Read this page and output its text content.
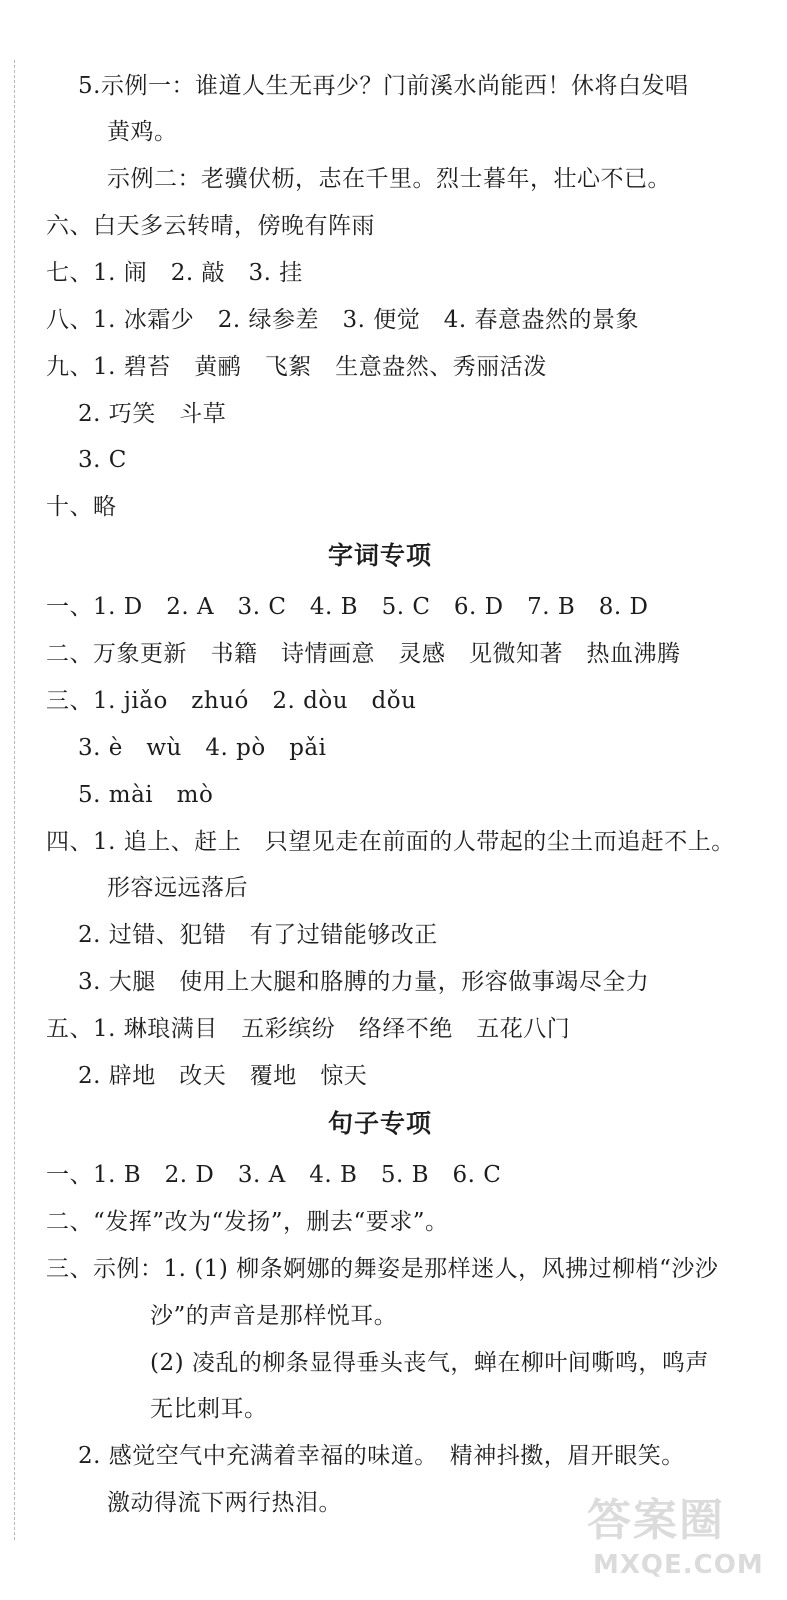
5.示例一：谁道人生无再少？门前溪水尚能西！休将白发唱
黄鸡。
示例二：老骥伏枥，志在千里。烈士暮年，壮心不已。
六、白天多云转晴，傍晚有阵雨
七、1. 闹　2. 敲　3. 挂
八、1. 冰霜少　2. 绿参差　3. 便觉　4. 春意盎然的景象
九、1. 碧苔　黄鹂　飞絮　生意盎然、秀丽活泼
2. 巧笑　斗草
3. C
十、略
字词专项
一、1. D　2. A　3. C　4. B　5. C　6. D　7. B　8. D
二、万象更新　书籍　诗情画意　灵感　见微知著　热血沸腾
三、1. jiǎo　zhuó　2. dòu　dǒu
3. è　wù　4. pò　pǎi
5. mài　mò
四、1. 追上、赶上　只望见走在前面的人带起的尘土而追赶不上。
形容远远落后
2. 过错、犯错　有了过错能够改正
3. 大腿　使用上大腿和胳膊的力量，形容做事竭尽全力
五、1. 琳琅满目　五彩缤纷　络绎不绝　五花八门
2. 辟地　改天　覆地　惊天
句子专项
一、1. B　2. D　3. A　4. B　5. B　6. C
二、“发挥”改为“发扬”，删去“要求”。
三、示例：1. (1) 柳条婀娜的舞姿是那样迷人，风拂过柳梢“沙沙
沙”的声音是那样悦耳。
(2) 凌乱的柳条显得垂头丧气，蝉在柳叶间嘶鸣，鸣声
无比刺耳。
2. 感觉空气中充满着幸福的味道。　精神抖擞，眉开眼笑。
激动得流下两行热泪。	答案圈
MXQE.COM
